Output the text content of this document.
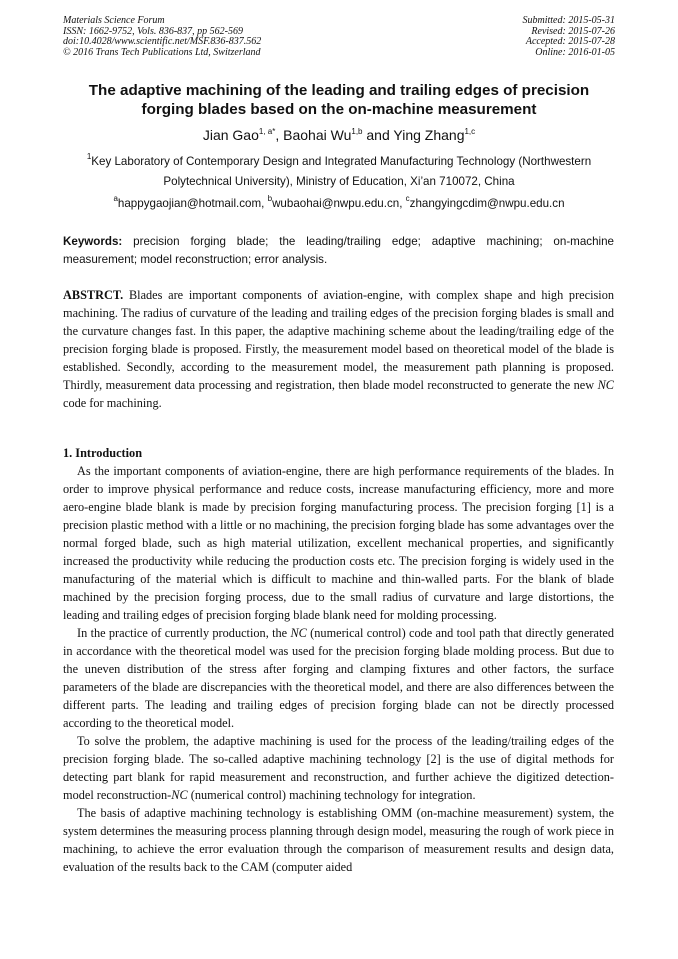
Materials Science Forum
ISSN: 1662-9752, Vols. 836-837, pp 562-569
doi:10.4028/www.scientific.net/MSF.836-837.562
© 2016 Trans Tech Publications Ltd, Switzerland
Submitted: 2015-05-31
Revised: 2015-07-26
Accepted: 2015-07-28
Online: 2016-01-05
The adaptive machining of the leading and trailing edges of precision
forging blades based on the on-machine measurement
Jian Gao$^{1, a*}$, Baohai Wu$^{1,b}$ and Ying Zhang$^{1,c}$
$^1$Key Laboratory of Contemporary Design and Integrated Manufacturing Technology (Northwestern
Polytechnical University), Ministry of Education, Xi’an 710072, China
$^a$happygaojian@hotmail.com, $^b$wubaohai@nwpu.edu.cn, $^c$zhangyingcdim@nwpu.edu.cn
Keywords: precision forging blade; the leading/trailing edge; adaptive machining; on-machine measurement; model reconstruction; error analysis.
ABSTRCT. Blades are important components of aviation-engine, with complex shape and high precision machining. The radius of curvature of the leading and trailing edges of the precision forging blades is small and the curvature changes fast. In this paper, the adaptive machining scheme about the leading/trailing edge of the precision forging blade is proposed. Firstly, the measurement model based on theoretical model of the blade is established. Secondly, according to the measurement model, the measurement path planning is proposed. Thirdly, measurement data processing and registration, then blade model reconstructed to generate the new NC code for machining.
1. Introduction

As the important components of aviation-engine, there are high performance requirements of the blades. In order to improve physical performance and reduce costs, increase manufacturing efficiency, more and more aero-engine blade blank is made by precision forging manufacturing process. The precision forging [1] is a precision plastic method with a little or no machining, the precision forging blade has some advantages over the normal forged blade, such as high material utilization, excellent mechanical properties, and significantly increased the productivity while reducing the production costs etc. The precision forging is widely used in the manufacturing of the material which is difficult to machine and thin-walled parts. For the blank of blade machined by the precision forging process, due to the small radius of curvature and large distortions, the leading and trailing edges of precision forging blade blank need for molding processing.

In the practice of currently production, the NC (numerical control) code and tool path that directly generated in accordance with the theoretical model was used for the precision forging blade molding process. But due to the uneven distribution of the stress after forging and clamping fixtures and other factors, the surface parameters of the blade are discrepancies with the theoretical model, and there are also differences between the different parts. The leading and trailing edges of precision forging blade can not be directly processed according to the theoretical model.

To solve the problem, the adaptive machining is used for the process of the leading/trailing edges of the precision forging blade. The so-called adaptive machining technology [2] is the use of digital methods for detecting part blank for rapid measurement and reconstruction, and further achieve the digitized detection- model reconstruction-NC (numerical control) machining technology for integration.

The basis of adaptive machining technology is establishing OMM (on-machine measurement) system, the system determines the measuring process planning through design model, measuring the rough of work piece in machining, to achieve the error evaluation through the comparison of measurement results and design data, evaluation of the results back to the CAM (computer aided
